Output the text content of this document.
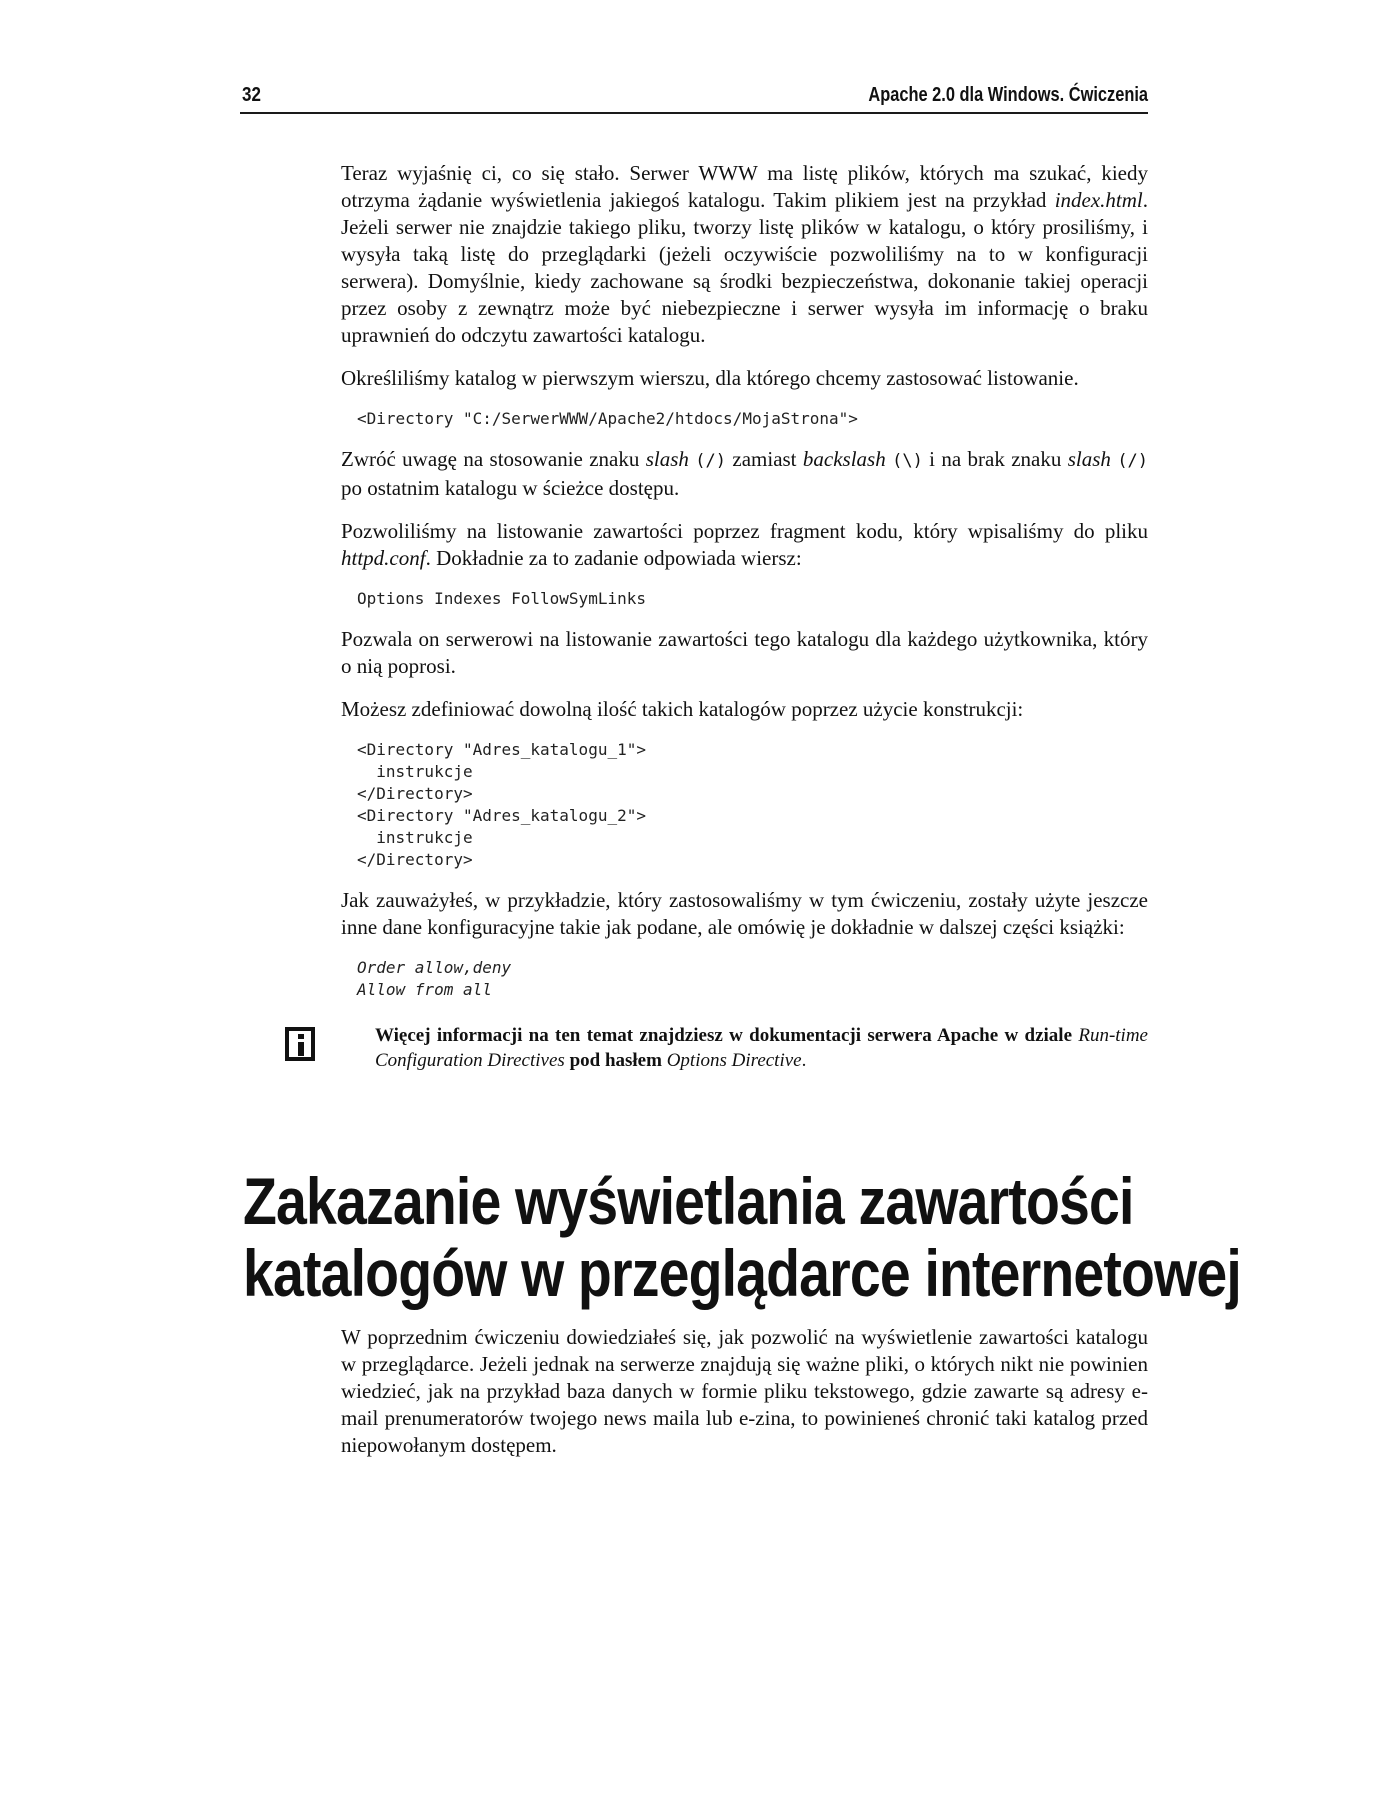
32	Apache 2.0 dla Windows. Ćwiczenia

Teraz wyjaśnię ci, co się stało. Serwer WWW ma listę plików, których ma szukać, kiedy otrzyma żądanie wyświetlenia jakiegoś katalogu. Takim plikiem jest na przykład index.html. Jeżeli serwer nie znajdzie takiego pliku, tworzy listę plików w katalogu, o który prosiliśmy, i wysyła taką listę do przeglądarki (jeżeli oczywiście pozwoliliśmy na to w konfiguracji serwera). Domyślnie, kiedy zachowane są środki bezpieczeństwa, dokonanie takiej operacji przez osoby z zewnątrz może być niebezpieczne i serwer wysyła im informację o braku uprawnień do odczytu zawartości katalogu.

Określiliśmy katalog w pierwszym wierszu, dla którego chcemy zastosować listowanie.

<Directory "C:/SerwerWWW/Apache2/htdocs/MojaStrona">

Zwróć uwagę na stosowanie znaku slash (/) zamiast backslash (\) i na brak znaku slash (/) po ostatnim katalogu w ścieżce dostępu.

Pozwoliliśmy na listowanie zawartości poprzez fragment kodu, który wpisaliśmy do pliku httpd.conf. Dokładnie za to zadanie odpowiada wiersz:

Options Indexes FollowSymLinks

Pozwala on serwerowi na listowanie zawartości tego katalogu dla każdego użytkownika, który o nią poprosi.

Możesz zdefiniować dowolną ilość takich katalogów poprzez użycie konstrukcji:

<Directory "Adres_katalogu_1">
instrukcje
</Directory>
<Directory "Adres_katalogu_2">
instrukcje
</Directory>

Jak zauważyłeś, w przykładzie, który zastosowaliśmy w tym ćwiczeniu, zostały użyte jeszcze inne dane konfiguracyjne takie jak podane, ale omówię je dokładnie w dalszej części książki:

Order allow,deny
Allow from all

Więcej informacji na ten temat znajdziesz w dokumentacji serwera Apache w dziale Run-time Configuration Directives pod hasłem Options Directive.

Zakazanie wyświetlania zawartości
katalogów w przeglądarce internetowej

W poprzednim ćwiczeniu dowiedziałeś się, jak pozwolić na wyświetlenie zawartości katalogu w przeglądarce. Jeżeli jednak na serwerze znajdują się ważne pliki, o których nikt nie powinien wiedzieć, jak na przykład baza danych w formie pliku tekstowego, gdzie zawarte są adresy e-mail prenumeratorów twojego news maila lub e-zina, to powinieneś chronić taki katalog przed niepowołanym dostępem.
